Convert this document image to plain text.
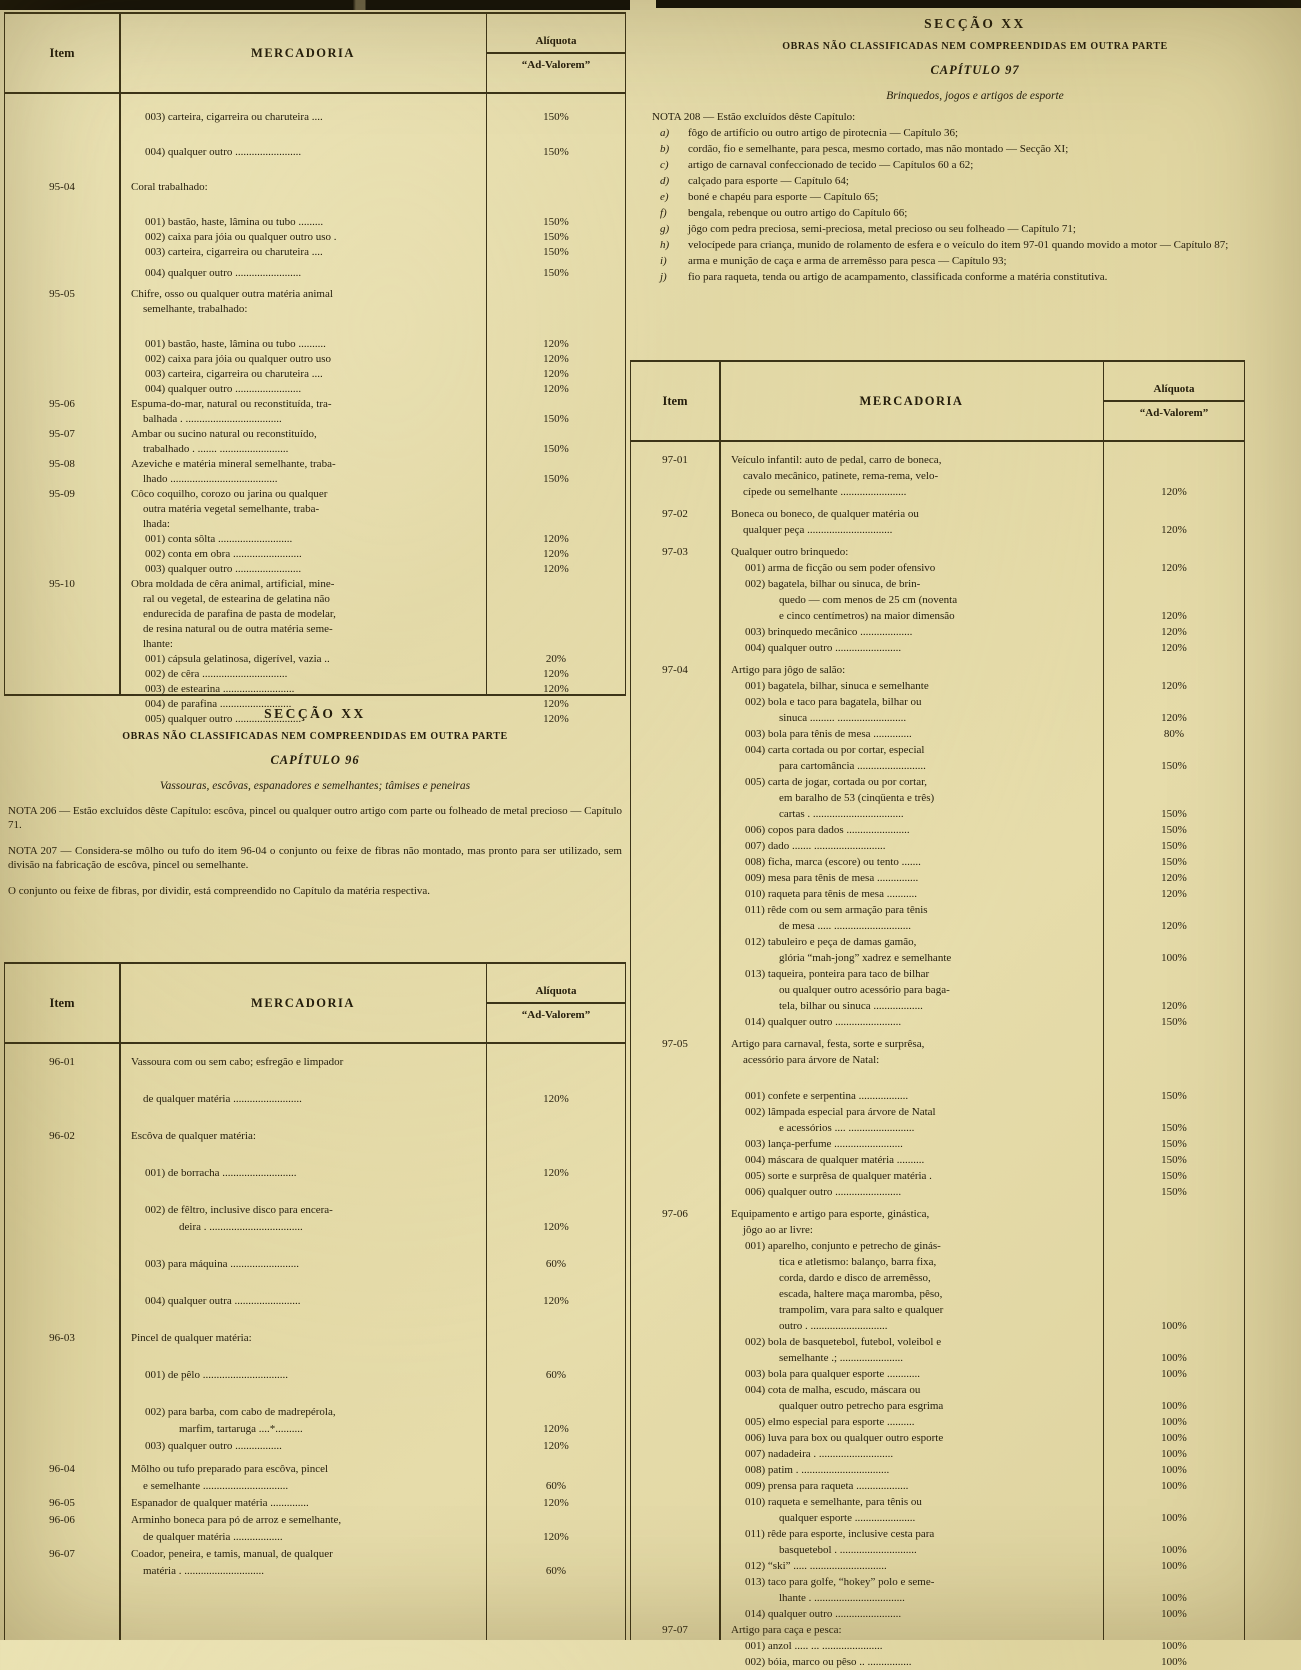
Item	MERCADORIA
Alíquota
“Ad-Valorem”
003) carteira, cigarreira ou charuteira ....	150%
004) qualquer outro ........................	150%
95-04	Coral trabalhado:
001) bastão, haste, lâmina ou tubo .........	150%
002) caixa para jóia ou qualquer outro uso .	150%
003) carteira, cigarreira ou charuteira ....	150%
004) qualquer outro ........................	150%
95-05	Chifre, osso ou qualquer outra matéria animal
semelhante, trabalhado:
001) bastão, haste, lâmina ou tubo ..........	120%
002) caixa para jóia ou qualquer outro uso	120%
003) carteira, cigarreira ou charuteira ....	120%
004) qualquer outro ........................	120%
95-06	Espuma-do-mar, natural ou reconstituída, tra-
balhada . ...................................	150%
95-07	Ambar ou sucino natural ou reconstituído,
trabalhado . ....... .........................	150%
95-08	Azeviche e matéria mineral semelhante, traba-
lhado .......................................	150%
95-09	Côco coquilho, corozo ou jarina ou qualquer
outra matéria vegetal semelhante, traba-
lhada:
001) conta sôlta ...........................	120%
002) conta em obra .........................	120%
003) qualquer outro ........................	120%
95-10	Obra moldada de cêra animal, artificial, mine-
ral ou vegetal, de estearina de gelatina não
endurecida de parafina de pasta de modelar,
de resina natural ou de outra matéria seme-
lhante:
001) cápsula gelatinosa, digerível, vazia ..	20%
002) de cêra ...............................	120%
003) de estearina ..........................	120%
004) de parafina ..........................	120%
005) qualquer outro ........................	120%
SECÇÃO XX
OBRAS NÃO CLASSIFICADAS NEM COMPREENDIDAS EM OUTRA PARTE
CAPÍTULO 96
Vassouras, escôvas, espanadores e semelhantes; tâmises e peneiras

NOTA 206 — Estão excluídos dêste Capítulo: escôva, pincel ou qualquer outro artigo com parte ou folheado de metal precioso — Capítulo 71.

NOTA 207 — Considera-se môlho ou tufo do item 96-04 o conjunto ou feixe de fibras não montado, mas pronto para ser utilizado, sem divisão na fabricação de escôva, pincel ou semelhante.

O conjunto ou feixe de fibras, por dividir, está compreendido no Capítulo da matéria respectiva.

Item	MERCADORIA
Alíquota
“Ad-Valorem”
96-01	Vassoura com ou sem cabo; esfregão e limpador
de qualquer matéria .........................	120%
96-02	Escôva de qualquer matéria:
001) de borracha ...........................	120%
002) de fêltro, inclusive disco para encera-
deira . ..................................	120%
003) para máquina .........................	60%
004) qualquer outra ........................	120%
96-03	Pincel de qualquer matéria:
001) de pêlo ...............................	60%
002) para barba, com cabo de madrepérola,
marfim, tartaruga ....*..........	120%
003) qualquer outro .................	120%
96-04	Môlho ou tufo preparado para escôva, pincel
e semelhante ...............................	60%
96-05	Espanador de qualquer matéria ..............	120%
96-06	Arminho boneca para pó de arroz e semelhante,
de qualquer matéria ..................	120%
96-07	Coador, peneira, e tamis, manual, de qualquer
matéria . .............................	60%
SECÇÃO XX
OBRAS NÃO CLASSIFICADAS NEM COMPREENDIDAS EM OUTRA PARTE
CAPÍTULO 97
Brinquedos, jogos e artigos de esporte
NOTA 208 — Estão excluídos dêste Capítulo:
a)	fôgo de artifício ou outro artigo de pirotecnia — Capítulo 36;
b)	cordão, fio e semelhante, para pesca, mesmo cortado, mas não montado — Secção XI;
c)	artigo de carnaval confeccionado de tecido — Capítulos 60 a 62;
d)	calçado para esporte — Capítulo 64;
e)	boné e chapéu para esporte — Capítulo 65;
f)	bengala, rebenque ou outro artigo do Capítulo 66;
g)	jôgo com pedra preciosa, semi-preciosa, metal precioso ou seu folheado — Capítulo 71;
h)	velocípede para criança, munido de rolamento de esfera e o veículo do item 97-01 quando movido a motor — Capítulo 87;
i)	arma e munição de caça e arma de arremêsso para pesca — Capítulo 93;
j)	fio para raqueta, tenda ou artigo de acampamento, classificada conforme a matéria constitutiva.
Item	MERCADORIA
Alíquota
“Ad-Valorem”
97-01	Veículo infantil: auto de pedal, carro de boneca,
cavalo mecânico, patinete, rema-rema, velo-
cípede ou semelhante ........................	120%
97-02	Boneca ou boneco, de qualquer matéria ou
qualquer peça ...............................	120%
97-03	Qualquer outro brinquedo:
001) arma de ficção ou sem poder ofensivo	120%
002) bagatela, bilhar ou sinuca, de brin-
quedo — com menos de 25 cm (noventa
e cinco centímetros) na maior dimensão	120%
003) brinquedo mecânico ...................	120%
004) qualquer outro ........................	120%
97-04	Artigo para jôgo de salão:
001) bagatela, bilhar, sinuca e semelhante	120%
002) bola e taco para bagatela, bilhar ou
sinuca ......... .........................	120%
003) bola para tênis de mesa ..............	80%
004) carta cortada ou por cortar, especial
para cartomância .........................	150%
005) carta de jogar, cortada ou por cortar,
em baralho de 53 (cinqüenta e três)
cartas . .................................	150%
006) copos para dados .......................	150%
007) dado ....... ..........................	150%
008) ficha, marca (escore) ou tento .......	150%
009) mesa para tênis de mesa ...............	120%
010) raqueta para tênis de mesa ...........	120%
011) rêde com ou sem armação para tênis
de mesa ..... ............................	120%
012) tabuleiro e peça de damas gamão,
glória “mah-jong” xadrez e semelhante	100%
013) taqueira, ponteira para taco de bilhar
ou qualquer outro acessório para baga-
tela, bilhar ou sinuca ..................	120%
014) qualquer outro ........................	150%
97-05	Artigo para carnaval, festa, sorte e surprêsa,
acessório para árvore de Natal:
001) confete e serpentina ..................	150%
002) lâmpada especial para árvore de Natal
e acessórios .... ........................	150%
003) lança-perfume .........................	150%
004) máscara de qualquer matéria ..........	150%
005) sorte e surprêsa de qualquer matéria .	150%
006) qualquer outro ........................	150%
97-06	Equipamento e artigo para esporte, ginástica,
jôgo ao ar livre:
001) aparelho, conjunto e petrecho de ginás-
tica e atletismo: balanço, barra fixa,
corda, dardo e disco de arremêsso,
escada, haltere maça maromba, pêso,
trampolim, vara para salto e qualquer
outro . ............................	100%
002) bola de basquetebol, futebol, voleibol e
semelhante .; .......................	100%
003) bola para qualquer esporte ............	100%
004) cota de malha, escudo, máscara ou
qualquer outro petrecho para esgrima	100%
005) elmo especial para esporte ..........	100%
006) luva para box ou qualquer outro esporte	100%
007) nadadeira . ...........................	100%
008) patim . ................................	100%
009) prensa para raqueta ...................	100%
010) raqueta e semelhante, para tênis ou
qualquer esporte ......................	100%
011) rêde para esporte, inclusive cesta para
basquetebol . ............................	100%
012) “ski” ..... ............................	100%
013) taco para golfe, “hokey” polo e seme-
lhante . .................................	100%
014) qualquer outro ........................	100%
97-07	Artigo para caça e pesca:
001) anzol ..... ... ......................	100%
002) bóia, marco ou pêso .. ................	100%
